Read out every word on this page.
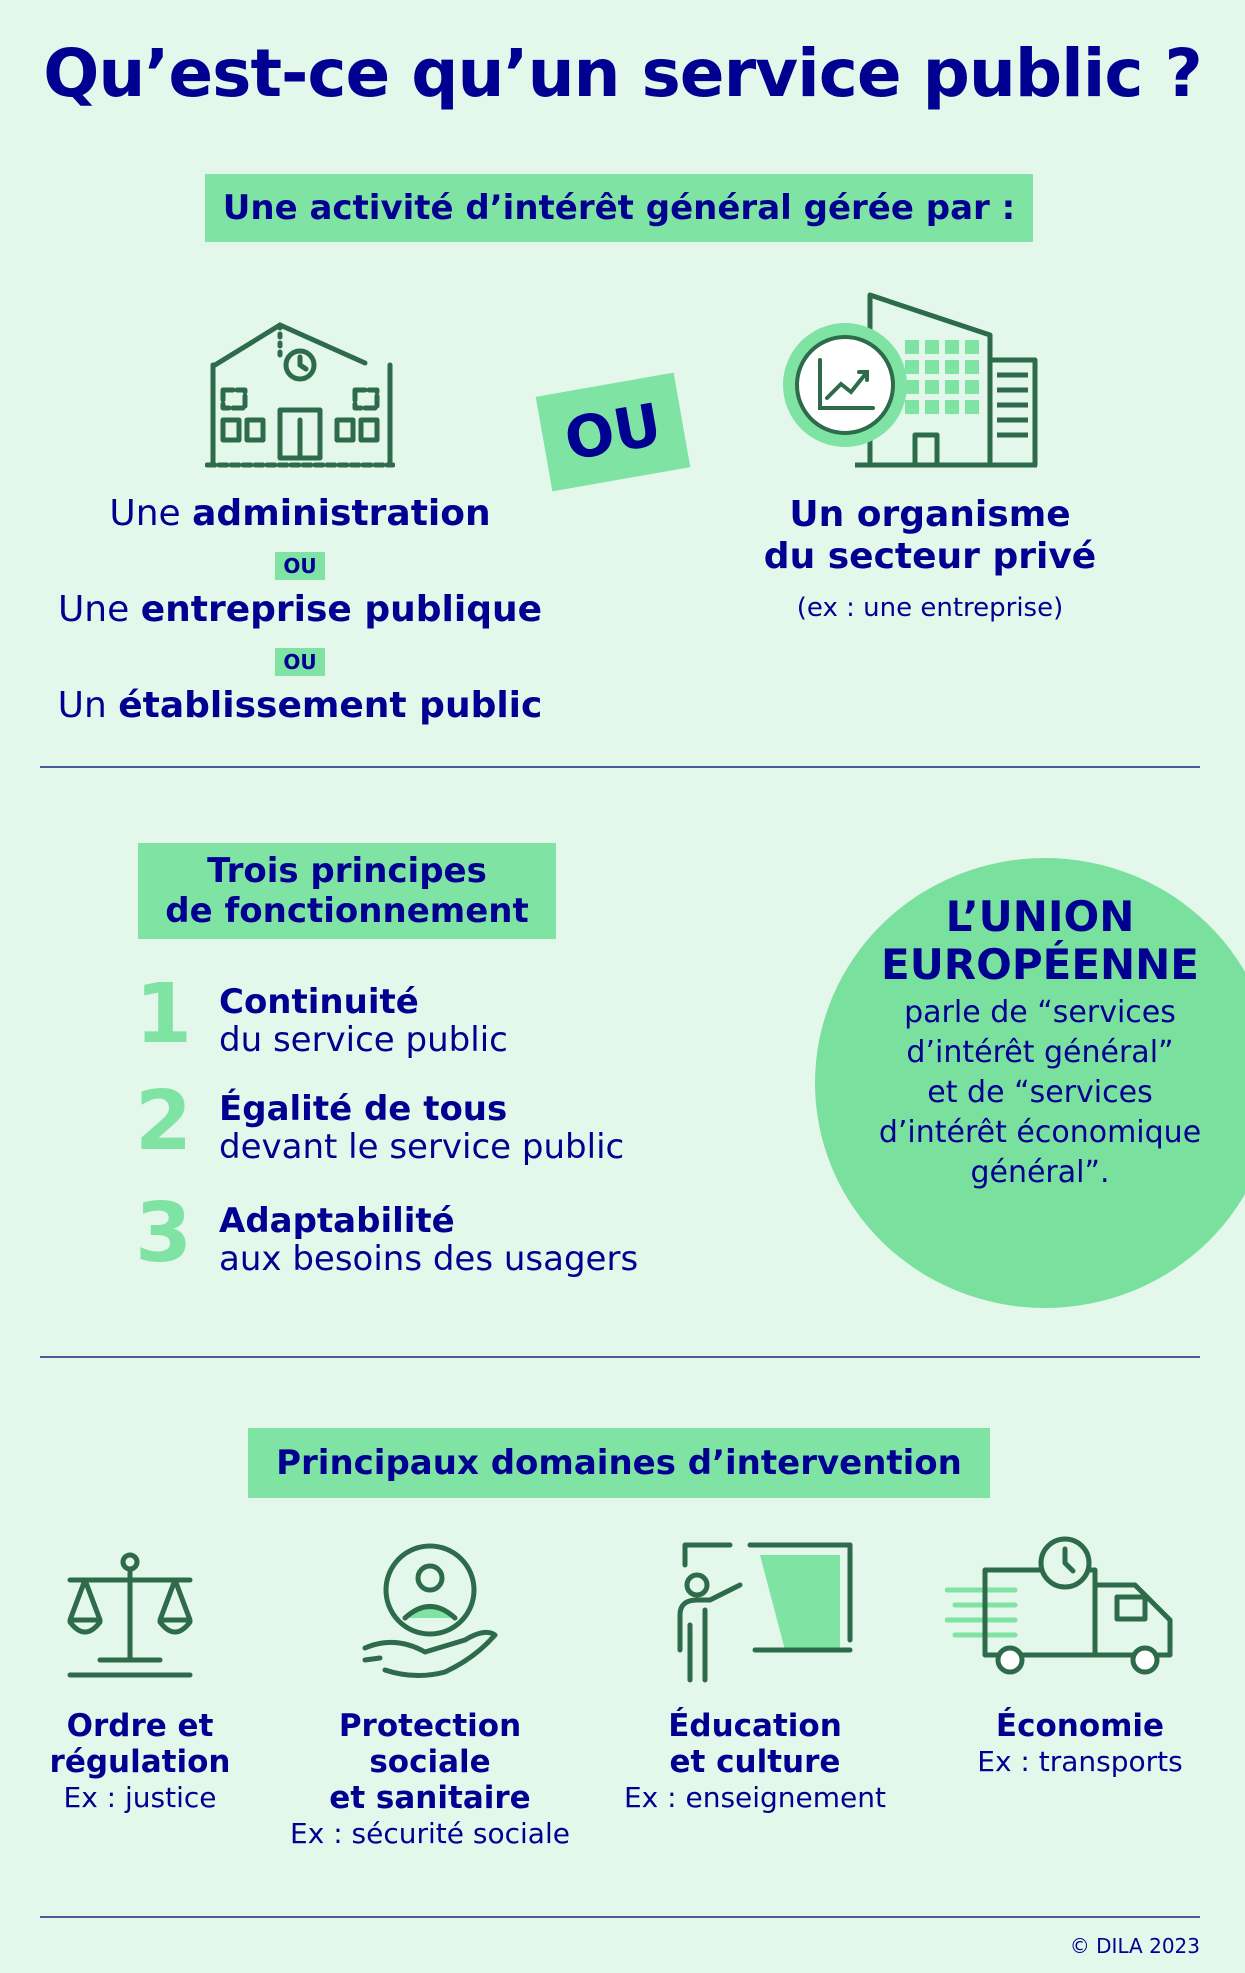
Qu’est-ce qu’un service public ?
Une activité d’intérêt général gérée par :
Une administration
OU
Une entreprise publique
OU
Un établissement public
OU
Un organisme
du secteur privé
(ex : une entreprise)
Trois principes
de fonctionnement
1 Continuité
du service public
2 Égalité de tous
devant le service public
3 Adaptabilité
aux besoins des usagers
L’UNION
EUROPÉENNE
parle de “services
d’intérêt général”
et de “services
d’intérêt économique
général”.
Principaux domaines d’intervention
Ordre et
régulation
Ex : justice
Protection
sociale
et sanitaire
Ex : sécurité sociale
Éducation
et culture
Ex : enseignement
Économie
Ex : transports
© DILA 2023
